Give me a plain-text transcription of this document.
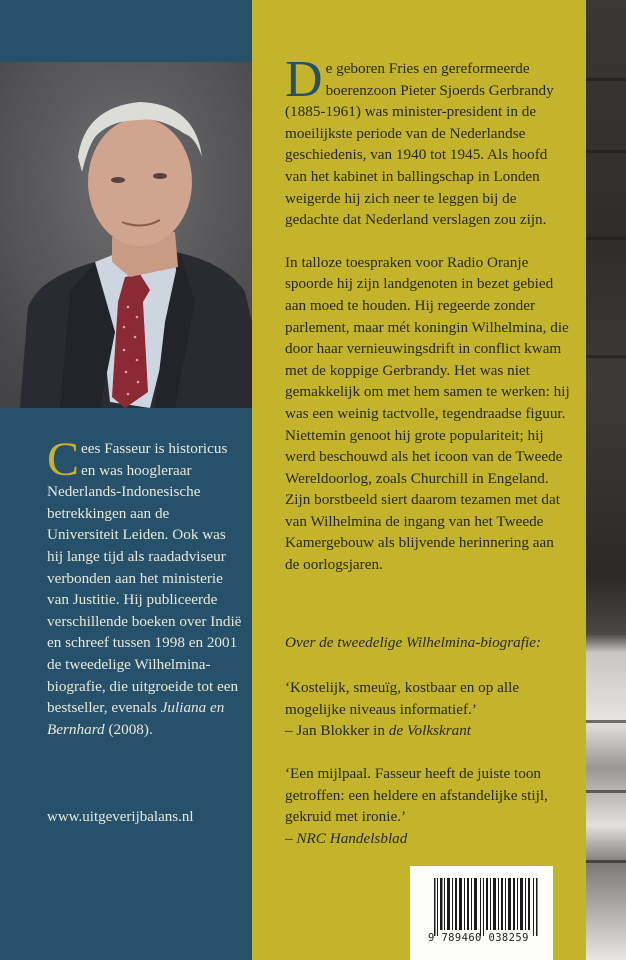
De geboren Fries en gereformeerde boerenzoon Pieter Sjoerds Gerbrandy (1885-1961) was minister-president in de moeilijkste periode van de Nederlandse geschiedenis, van 1940 tot 1945. Als hoofd van het kabinet in ballingschap in Londen weigerde hij zich neer te leggen bij de gedachte dat Nederland verslagen zou zijn.

In talloze toespraken voor Radio Oranje spoorde hij zijn landgenoten in bezet gebied aan moed te houden. Hij regeerde zonder parlement, maar mét koningin Wilhelmina, die door haar vernieuwingsdrift in conflict kwam met de koppige Gerbrandy. Het was niet gemakkelijk om met hem samen te werken: hij was een weinig tactvolle, tegendraadse figuur. Niettemin genoot hij grote populariteit; hij werd beschouwd als het icoon van de Tweede Wereldoorlog, zoals Churchill in Engeland. Zijn borstbeeld siert daarom tezamen met dat van Wilhelmina de ingang van het Tweede Kamergebouw als blijvende herinnering aan de oorlogsjaren.

Over de tweedelige Wilhelmina-biografie:

‘Kostelijk, smeuïg, kostbaar en op alle mogelijke niveaus informatief.’

– Jan Blokker in de Volkskrant

‘Een mijlpaal. Fasseur heeft de juiste toon getroffen: een heldere en afstandelijke stijl, gekruid met ironie.’

– NRC Handelsblad

Cees Fasseur is historicus en was hoogleraar Nederlands-Indonesische betrekkingen aan de Universiteit Leiden. Ook was hij lange tijd als raadadviseur verbonden aan het ministerie van Justitie. Hij publiceerde verschillende boeken over Indië en schreef tussen 1998 en 2001 de tweedelige Wilhelmina-biografie, die uitgroeide tot een bestseller, evenals Juliana en Bernhard (2008).
www.uitgeverijbalans.nl
9 789460 038259
